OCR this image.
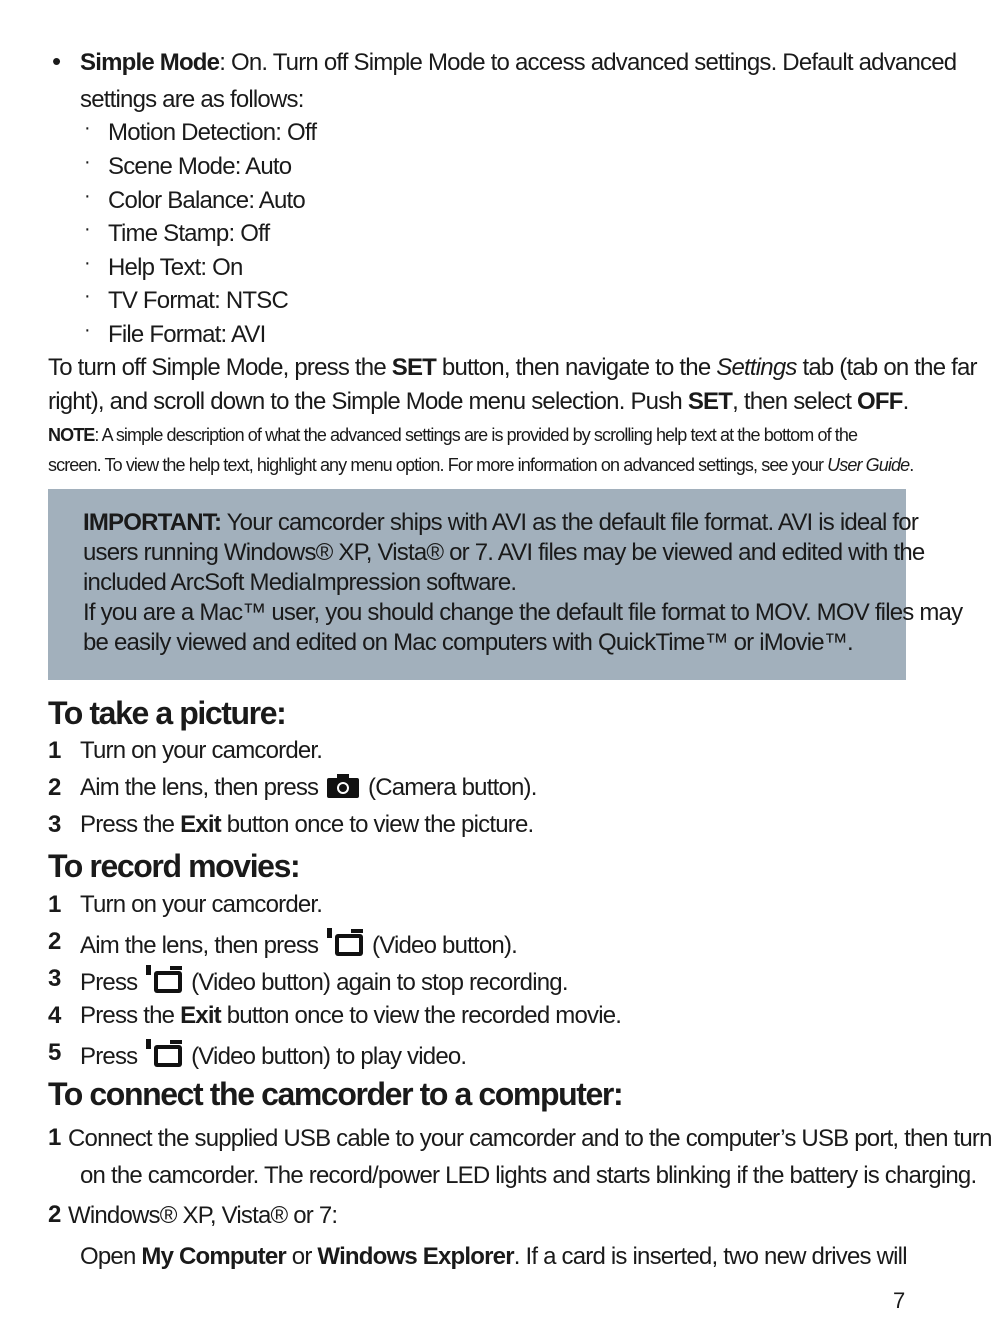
• Simple Mode: On. Turn off Simple Mode to access advanced settings. Default advanced
settings are as follows:
· Motion Detection: Off
· Scene Mode: Auto
· Color Balance: Auto
· Time Stamp: Off
· Help Text: On
· TV Format: NTSC
· File Format: AVI
To turn off Simple Mode, press the SET button, then navigate to the Settings tab (tab on the far
right), and scroll down to the Simple Mode menu selection. Push SET, then select OFF.
NOTE: A simple description of what the advanced settings are is provided by scrolling help text at the bottom of the
screen. To view the help text, highlight any menu option. For more information on advanced settings, see your User Guide.
IMPORTANT: Your camcorder ships with AVI as the default file format. AVI is ideal for
users running Windows® XP, Vista® or 7. AVI files may be viewed and edited with the
included ArcSoft MediaImpression software.
If you are a Mac™ user, you should change the default file format to MOV. MOV files may
be easily viewed and edited on Mac computers with QuickTime™ or iMovie™.
To take a picture:
1 Turn on your camcorder.
2 Aim the lens, then press  (Camera button).
3 Press the Exit button once to view the picture.
To record movies:
1 Turn on your camcorder.
2 Aim the lens, then press  (Video button).
3 Press  (Video button) again to stop recording.
4 Press the Exit button once to view the recorded movie.
5 Press  (Video button) to play video.
To connect the camcorder to a computer:
1 Connect the supplied USB cable to your camcorder and to the computer’s USB port, then turn
on the camcorder. The record/power LED lights and starts blinking if the battery is charging.
2 Windows® XP, Vista® or 7:
Open My Computer or Windows Explorer. If a card is inserted, two new drives will
7
